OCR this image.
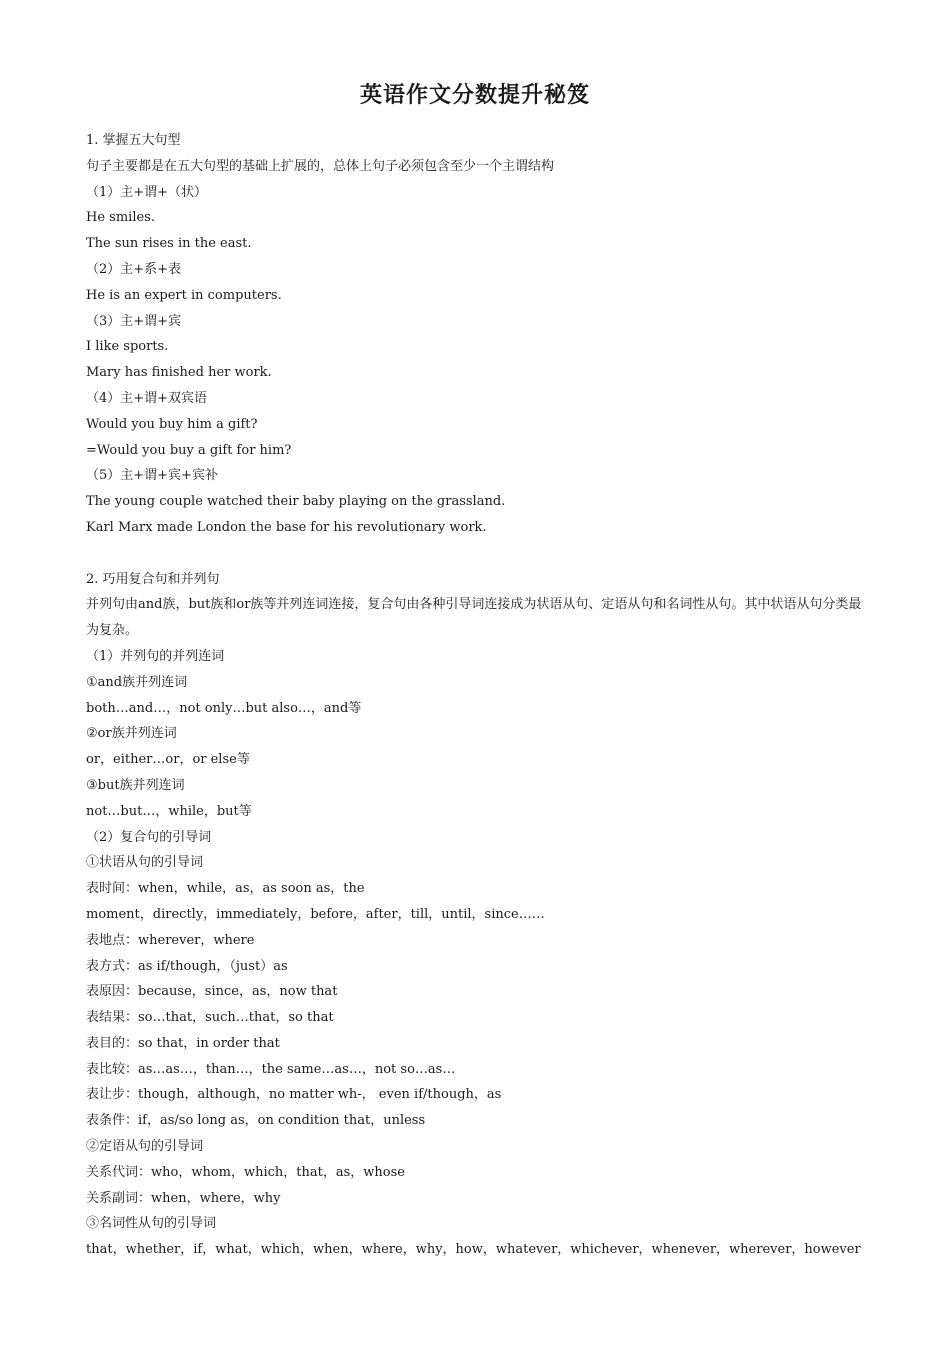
英语作文分数提升秘笈
1. 掌握五大句型
句子主要都是在五大句型的基础上扩展的，总体上句子必须包含至少一个主谓结构
（1）主+谓+（状）
He smiles.
The sun rises in the east.
（2）主+系+表
He is an expert in computers.
（3）主+谓+宾
I like sports.
Mary has finished her work.
（4）主+谓+双宾语
Would you buy him a gift?
=Would you buy a gift for him?
（5）主+谓+宾+宾补
The young couple watched their baby playing on the grassland.
Karl Marx made London the base for his revolutionary work.
2. 巧用复合句和并列句
并列句由and族，but族和or族等并列连词连接，复合句由各种引导词连接成为状语从句、定语从句和名词性从句。其中状语从句分类最为复杂。
（1）并列句的并列连词
①and族并列连词
both…and…，not only…but also…，and等
②or族并列连词
or，either…or，or else等
③but族并列连词
not…but…，while，but等
（2）复合句的引导词
①状语从句的引导词
表时间：when，while，as，as soon as，the
moment，directly，immediately，before，after，till，until，since……
表地点：wherever，where
表方式：as if/though，（just）as
表原因：because，since，as，now that
表结果：so…that，such…that，so that
表目的：so that，in order that
表比较：as…as…，than…，the same…as…，not so…as…
表让步：though，although，no matter wh-， even if/though，as
表条件：if，as/so long as，on condition that，unless
②定语从句的引导词
关系代词：who，whom，which，that，as，whose
关系副词：when，where，why
③名词性从句的引导词
that，whether，if，what，which，when，where，why，how，whatever，whichever，whenever，wherever，however
